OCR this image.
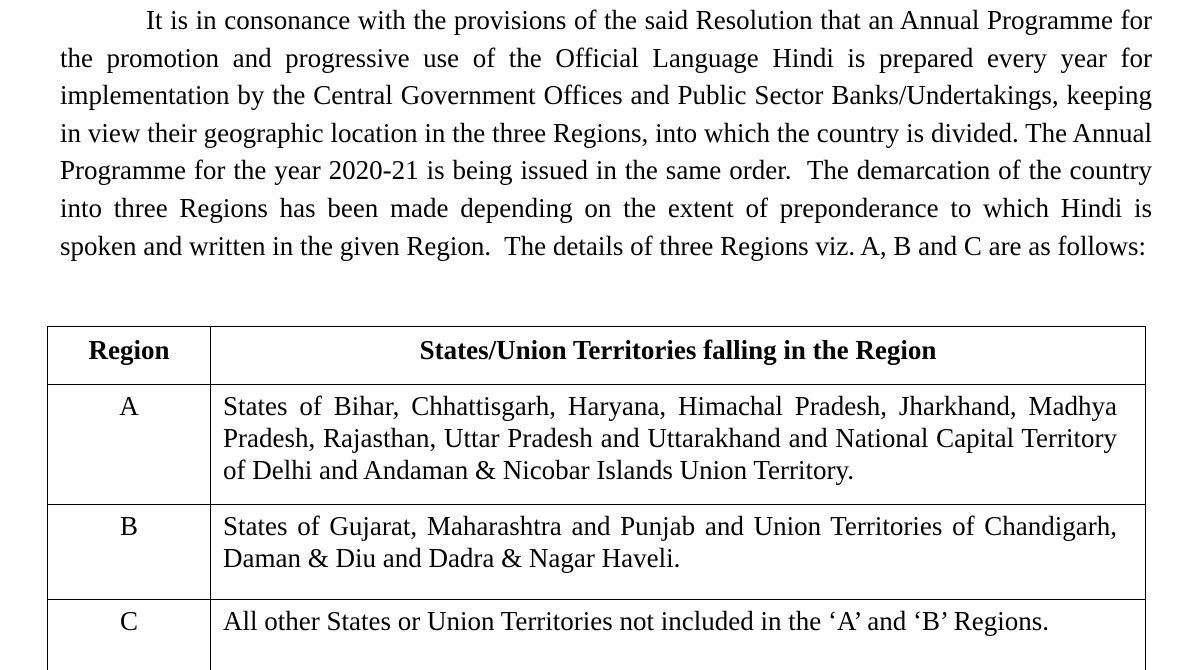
It is in consonance with the provisions of the said Resolution that an Annual Programme for the promotion and progressive use of the Official Language Hindi is prepared every year for implementation by the Central Government Offices and Public Sector Banks/Undertakings, keeping in view their geographic location in the three Regions, into which the country is divided. The Annual Programme for the year 2020-21 is being issued in the same order.  The demarcation of the country into three Regions has been made depending on the extent of preponderance to which Hindi is spoken and written in the given Region.  The details of three Regions viz. A, B and C are as follows:

Region	States/Union Territories falling in the Region
A	States of Bihar, Chhattisgarh, Haryana, Himachal Pradesh, Jharkhand, Madhya Pradesh, Rajasthan, Uttar Pradesh and Uttarakhand and National Capital Territory of Delhi and Andaman & Nicobar Islands Union Territory.
B	States of Gujarat, Maharashtra and Punjab and Union Territories of Chandigarh, Daman & Diu and Dadra & Nagar Haveli.
C	All other States or Union Territories not included in the ‘A’ and ‘B’ Regions.
